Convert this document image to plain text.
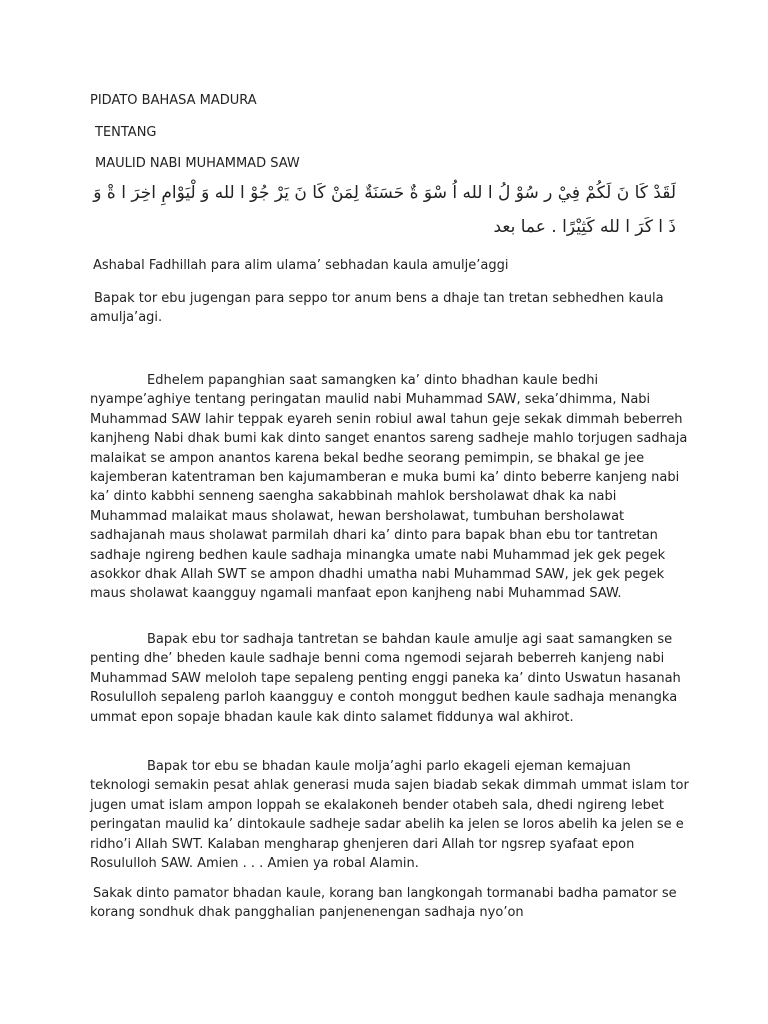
PIDATO BAHASA MADURA
TENTANG
MAULID NABI MUHAMMAD SAW
لَقَدْ كَا نَ لَكُمْ فِيْ ر سُوْ لُ ا لله اُ سْوَ ةٌ حَسَنَةٌ لِمَنْ كَا نَ يَرْ جُوْ ا لله وَ لْيَوْامِ اخِرَ ا ةْ وَ ذَ ا كَرَ ا لله كَثِيْرًا . عما بعد
Ashabal Fadhillah para alim ulama’ sebhadan kaula amulje’aggi

Bapak tor ebu jugengan para seppo tor anum bens a dhaje tan tretan sebhedhen kaula amulja’agi.

Edhelem papanghian saat samangken ka’ dinto bhadhan kaule bedhi nyampe’aghiye tentang peringatan maulid nabi Muhammad SAW, seka’dhimma, Nabi Muhammad SAW lahir teppak eyareh senin robiul awal tahun geje sekak dimmah beberreh kanjheng Nabi dhak bumi kak dinto sanget enantos sareng sadheje mahlo torjugen sadhaja malaikat se ampon anantos karena bekal bedhe seorang pemimpin, se bhakal ge jee kajemberan katentraman ben kajumamberan e muka bumi ka’ dinto beberre kanjeng nabi ka’ dinto kabbhi senneng saengha sakabbinah mahlok bersholawat dhak ka nabi Muhammad malaikat maus sholawat, hewan bersholawat, tumbuhan bersholawat sadhajanah maus sholawat parmilah dhari ka’ dinto para bapak bhan ebu tor tantretan sadhaje ngireng bedhen kaule sadhaja minangka umate nabi Muhammad jek gek pegek asokkor dhak Allah SWT se ampon dhadhi umatha nabi Muhammad SAW, jek gek pegek maus sholawat kaangguy ngamali manfaat epon kanjheng nabi Muhammad SAW.

Bapak ebu tor sadhaja tantretan se bahdan kaule amulje agi saat samangken se penting dhe’ bheden kaule sadhaje benni coma ngemodi sejarah beberreh kanjeng nabi Muhammad SAW meloloh tape sepaleng penting enggi paneka ka’ dinto Uswatun hasanah Rosululloh sepaleng parloh kaangguy e contoh monggut bedhen kaule sadhaja menangka ummat epon sopaje bhadan kaule kak dinto salamet fiddunya wal akhirot.

Bapak tor ebu se bhadan kaule molja’aghi parlo ekageli ejeman kemajuan teknologi semakin pesat ahlak generasi muda sajen biadab sekak dimmah ummat islam tor jugen umat islam ampon loppah se ekalakoneh bender otabeh sala, dhedi ngireng lebet peringatan maulid ka’ dintokaule sadheje sadar abelih ka jelen se loros abelih ka jelen se e ridho’i Allah SWT. Kalaban mengharap ghenjeren dari Allah tor ngsrep syafaat epon Rosululloh SAW. Amien . . . Amien ya robal Alamin.

Sakak dinto pamator bhadan kaule, korang ban langkongah tormanabi badha pamator se korang sondhuk dhak pangghalian panjenenengan sadhaja nyo’on
